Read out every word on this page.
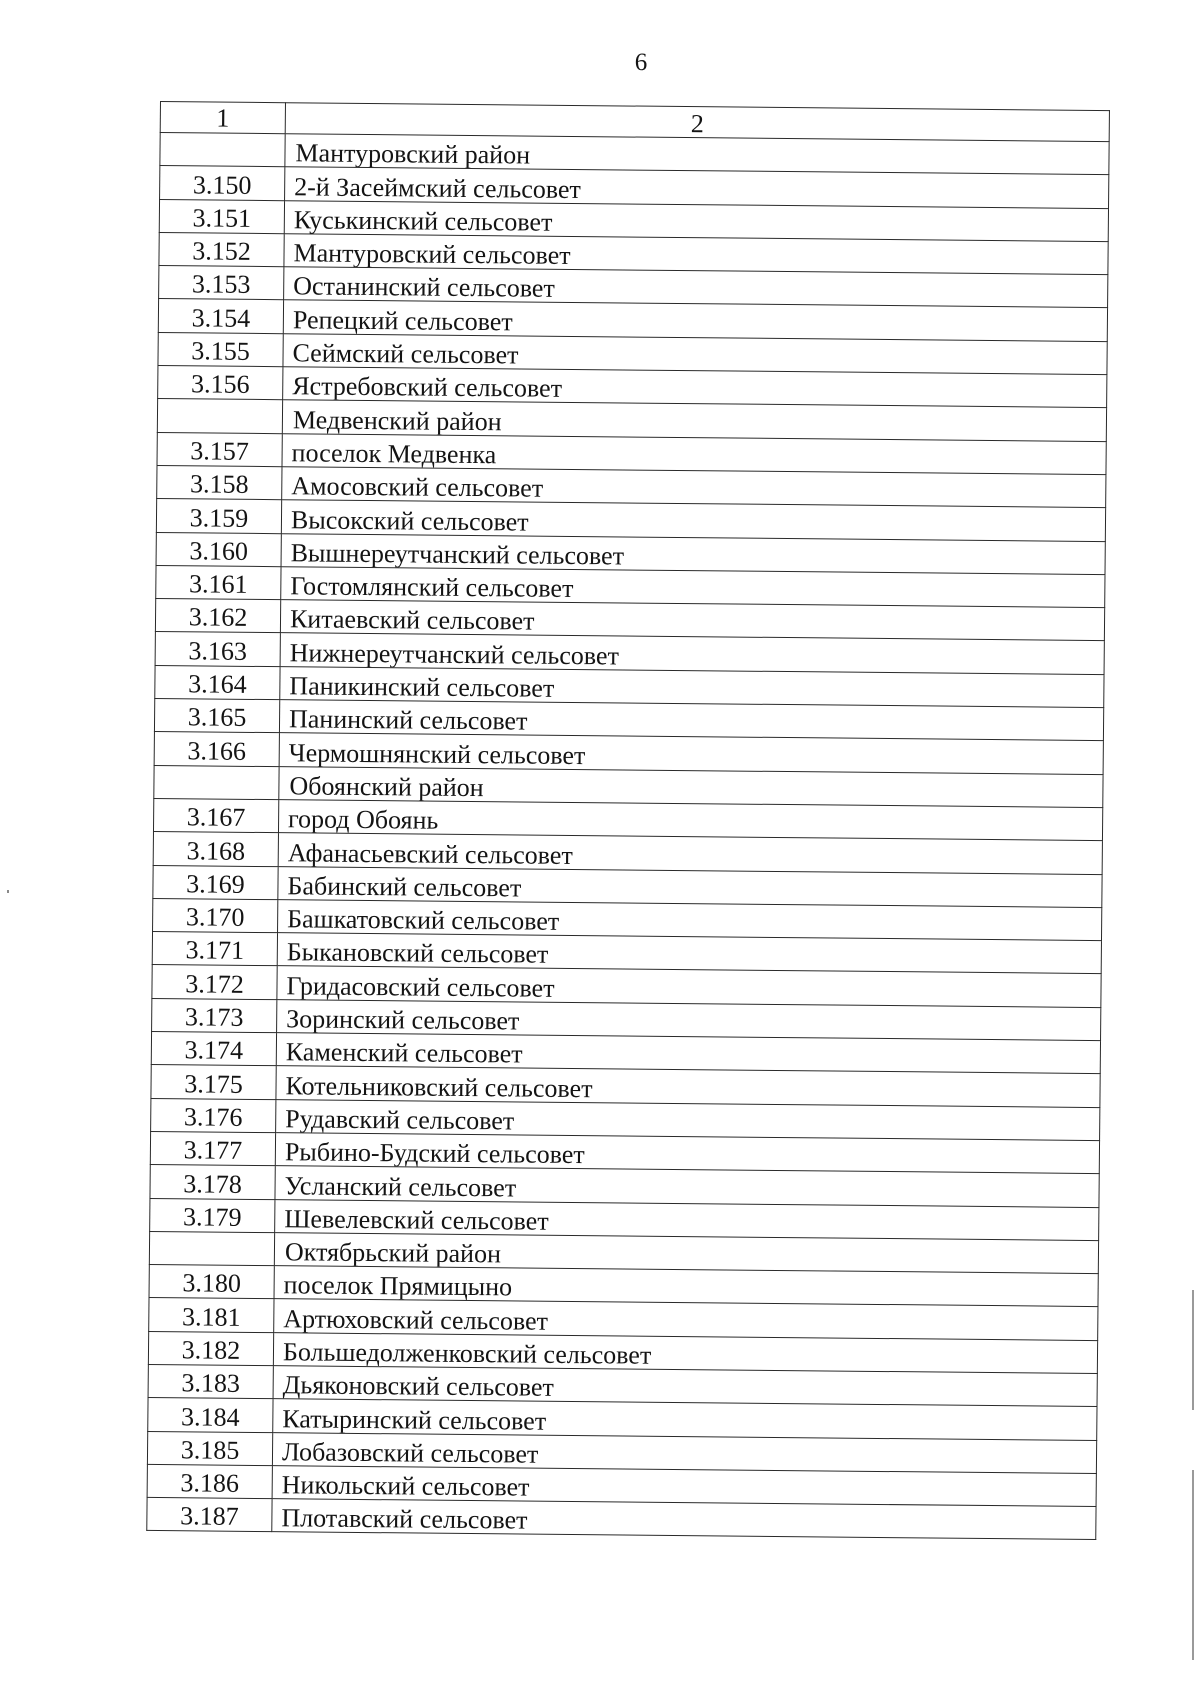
6
1	2
	Мантуровский район
3.150	2-й Засеймский сельсовет
3.151	Куськинский сельсовет
3.152	Мантуровский сельсовет
3.153	Останинский сельсовет
3.154	Репецкий сельсовет
3.155	Сеймский сельсовет
3.156	Ястребовский сельсовет
	Медвенский район
3.157	поселок Медвенка
3.158	Амосовский сельсовет
3.159	Высокский сельсовет
3.160	Вышнереутчанский сельсовет
3.161	Гостомлянский сельсовет
3.162	Китаевский сельсовет
3.163	Нижнереутчанский сельсовет
3.164	Паникинский сельсовет
3.165	Панинский сельсовет
3.166	Чермошнянский сельсовет
	Обоянский район
3.167	город Обоянь
3.168	Афанасьевский сельсовет
3.169	Бабинский сельсовет
3.170	Башкатовский сельсовет
3.171	Быкановский сельсовет
3.172	Гридасовский сельсовет
3.173	Зоринский сельсовет
3.174	Каменский сельсовет
3.175	Котельниковский сельсовет
3.176	Рудавский сельсовет
3.177	Рыбино-Будский сельсовет
3.178	Усланский сельсовет
3.179	Шевелевский сельсовет
	Октябрьский район
3.180	поселок Прямицыно
3.181	Артюховский сельсовет
3.182	Большедолженковский сельсовет
3.183	Дьяконовский сельсовет
3.184	Катыринский сельсовет
3.185	Лобазовский сельсовет
3.186	Никольский сельсовет
3.187	Плотавский сельсовет
